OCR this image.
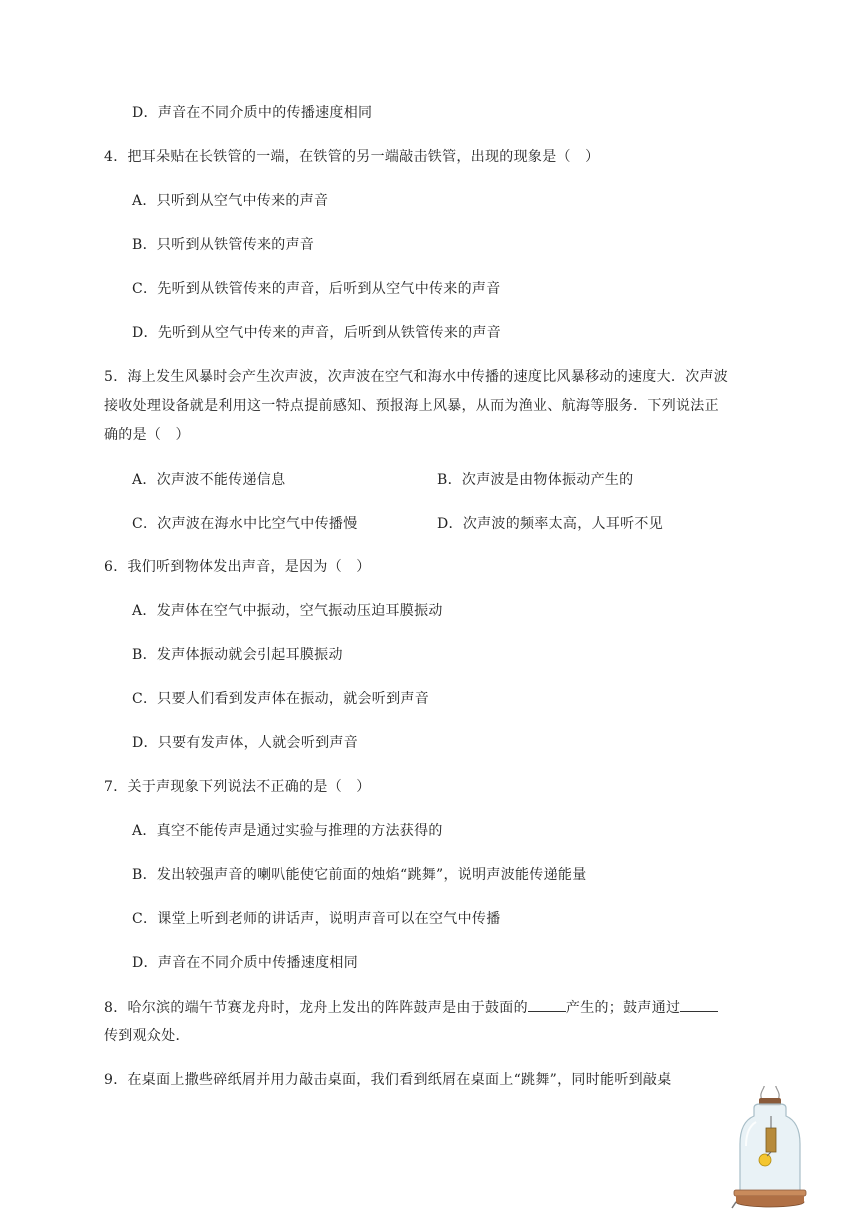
D．声音在不同介质中的传播速度相同
4．把耳朵贴在长铁管的一端，在铁管的另一端敲击铁管，出现的现象是（　）
A．只听到从空气中传来的声音
B．只听到从铁管传来的声音
C．先听到从铁管传来的声音，后听到从空气中传来的声音
D．先听到从空气中传来的声音，后听到从铁管传来的声音
5．海上发生风暴时会产生次声波，次声波在空气和海水中传播的速度比风暴移动的速度大．次声波
接收处理设备就是利用这一特点提前感知、预报海上风暴，从而为渔业、航海等服务．下列说法正
确的是（　）
A．次声波不能传递信息	B．次声波是由物体振动产生的
C．次声波在海水中比空气中传播慢	D．次声波的频率太高，人耳听不见
6．我们听到物体发出声音，是因为（　）
A．发声体在空气中振动，空气振动压迫耳膜振动
B．发声体振动就会引起耳膜振动
C．只要人们看到发声体在振动，就会听到声音
D．只要有发声体，人就会听到声音
7．关于声现象下列说法不正确的是（　）
A．真空不能传声是通过实验与推理的方法获得的
B．发出较强声音的喇叭能使它前面的烛焰“跳舞”，说明声波能传递能量
C．课堂上听到老师的讲话声，说明声音可以在空气中传播
D．声音在不同介质中传播速度相同
8．哈尔滨的端午节赛龙舟时，龙舟上发出的阵阵鼓声是由于鼓面的	产生的；鼓声通过
传到观众处．
9．在桌面上撒些碎纸屑并用力敲击桌面，我们看到纸屑在桌面上“跳舞”，同时能听到敲桌
